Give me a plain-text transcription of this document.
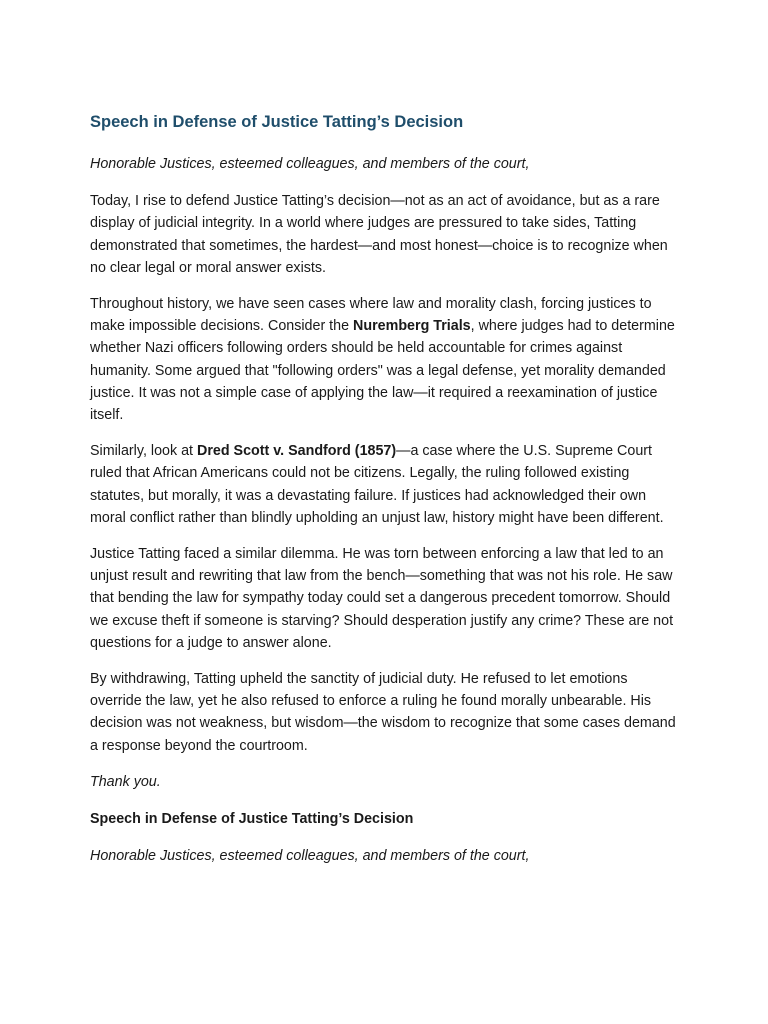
Speech in Defense of Justice Tatting’s Decision

Honorable Justices, esteemed colleagues, and members of the court,

Today, I rise to defend Justice Tatting’s decision—not as an act of avoidance, but as a rare display of judicial integrity. In a world where judges are pressured to take sides, Tatting demonstrated that sometimes, the hardest—and most honest—choice is to recognize when no clear legal or moral answer exists.

Throughout history, we have seen cases where law and morality clash, forcing justices to make impossible decisions. Consider the Nuremberg Trials, where judges had to determine whether Nazi officers following orders should be held accountable for crimes against humanity. Some argued that "following orders" was a legal defense, yet morality demanded justice. It was not a simple case of applying the law—it required a reexamination of justice itself.

Similarly, look at Dred Scott v. Sandford (1857)—a case where the U.S. Supreme Court ruled that African Americans could not be citizens. Legally, the ruling followed existing statutes, but morally, it was a devastating failure. If justices had acknowledged their own moral conflict rather than blindly upholding an unjust law, history might have been different.

Justice Tatting faced a similar dilemma. He was torn between enforcing a law that led to an unjust result and rewriting that law from the bench—something that was not his role. He saw that bending the law for sympathy today could set a dangerous precedent tomorrow. Should we excuse theft if someone is starving? Should desperation justify any crime? These are not questions for a judge to answer alone.

By withdrawing, Tatting upheld the sanctity of judicial duty. He refused to let emotions override the law, yet he also refused to enforce a ruling he found morally unbearable. His decision was not weakness, but wisdom—the wisdom to recognize that some cases demand a response beyond the courtroom.

Thank you.

Speech in Defense of Justice Tatting’s Decision

Honorable Justices, esteemed colleagues, and members of the court,
